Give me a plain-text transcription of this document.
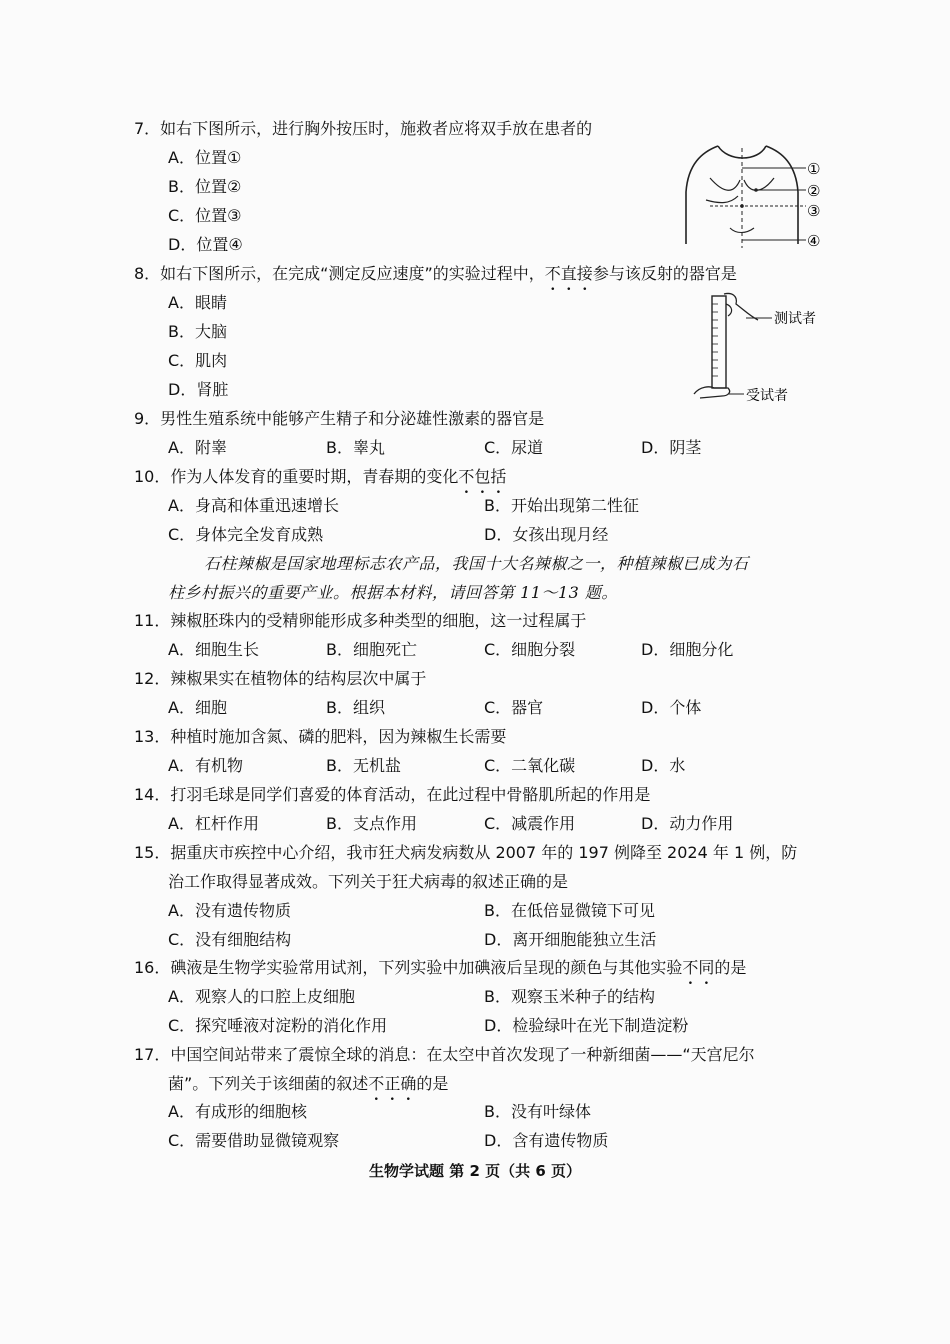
7．如右下图所示，进行胸外按压时，施救者应将双手放在患者的
A．位置①
B．位置②
C．位置③
D．位置④
①
②
③
④
8．如右下图所示，在完成“测定反应速度”的实验过程中，不直接参与该反射的器官是
A．眼睛
B．大脑
C．肌肉
D．肾脏
测试者
受试者
9．男性生殖系统中能够产生精子和分泌雄性激素的器官是
A．附睾	B．睾丸	C．尿道	D．阴茎
10．作为人体发育的重要时期，青春期的变化不包括
A．身高和体重迅速增长	B．开始出现第二性征
C．身体完全发育成熟	D．女孩出现月经
石柱辣椒是国家地理标志农产品，我国十大名辣椒之一，种植辣椒已成为石
柱乡村振兴的重要产业。根据本材料，请回答第 11～13 题。
11．辣椒胚珠内的受精卵能形成多种类型的细胞，这一过程属于
A．细胞生长	B．细胞死亡	C．细胞分裂	D．细胞分化
12．辣椒果实在植物体的结构层次中属于
A．细胞	B．组织	C．器官	D．个体
13．种植时施加含氮、磷的肥料，因为辣椒生长需要
A．有机物	B．无机盐	C．二氧化碳	D．水
14．打羽毛球是同学们喜爱的体育活动，在此过程中骨骼肌所起的作用是
A．杠杆作用	B．支点作用	C．减震作用	D．动力作用
15．据重庆市疾控中心介绍，我市狂犬病发病数从 2007 年的 197 例降至 2024 年 1 例，防
治工作取得显著成效。下列关于狂犬病毒的叙述正确的是
A．没有遗传物质	B．在低倍显微镜下可见
C．没有细胞结构	D．离开细胞能独立生活
16．碘液是生物学实验常用试剂，下列实验中加碘液后呈现的颜色与其他实验不同的是
A．观察人的口腔上皮细胞	B．观察玉米种子的结构
C．探究唾液对淀粉的消化作用	D．检验绿叶在光下制造淀粉
17．中国空间站带来了震惊全球的消息：在太空中首次发现了一种新细菌——“天宫尼尔
菌”。下列关于该细菌的叙述不正确的是
A．有成形的细胞核	B．没有叶绿体
C．需要借助显微镜观察	D．含有遗传物质
生物学试题 第 2 页（共 6 页）
